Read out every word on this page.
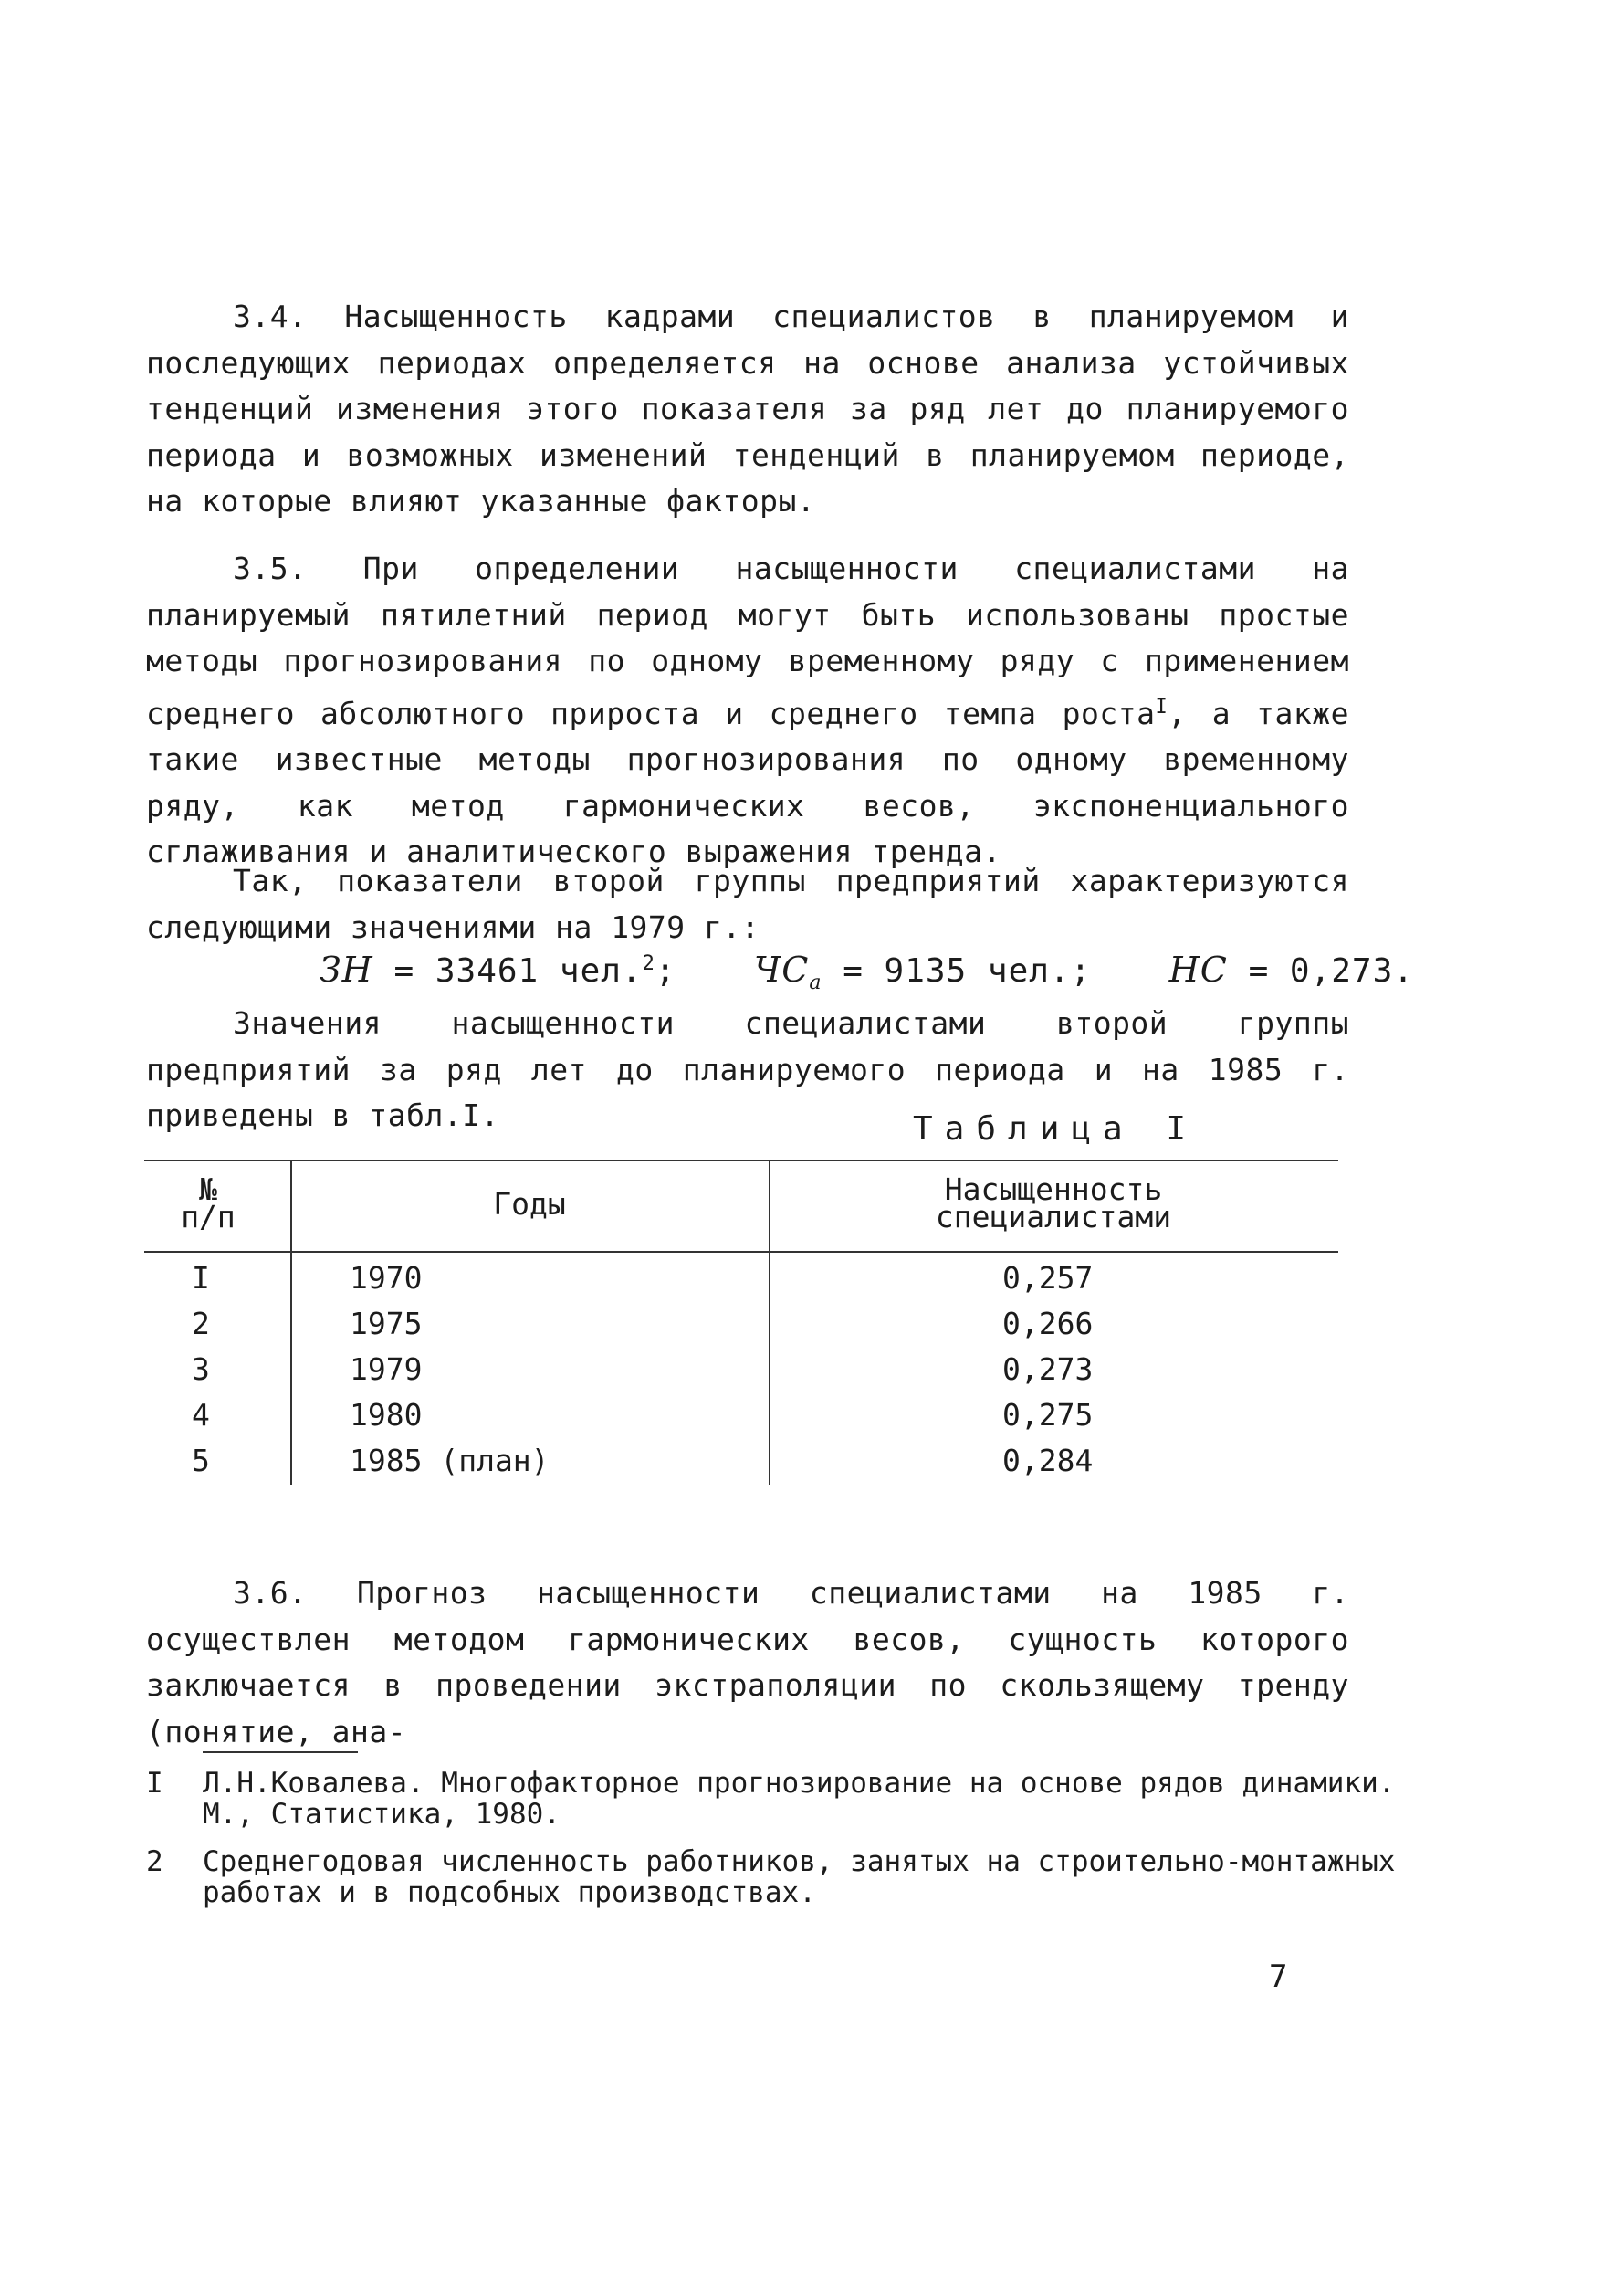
3.4. Насыщенность кадрами специалистов в планируемом и последующих периодах определяется на основе анализа устойчивых тенденций изменения этого показателя за ряд лет до планируемого периода и возможных изменений тенденций в планируемом периоде, на которые влияют указанные факторы.

3.5. При определении насыщенности специалистами на планируемый пятилетний период могут быть использованы простые методы прогнозирования по одному временному ряду с применением среднего абсолютного прироста и среднего темпа роста$^I$, а также такие известные методы прогнозирования по одному временному ряду, как метод гармонических весов, экспоненциального сглаживания и аналитического выражения тренда.

Так, показатели второй группы предприятий характеризуются следующими значениями на 1979 г.:

ЗН = 33461 чел.$^2$; $ЧС_a = 9135$ чел.; НС = 0,273.

Значения насыщенности специалистами второй группы предприятий за ряд лет до планируемого периода и на 1985 г. приведены в табл.I.	Таблица I
№
п/п	Годы	Насыщенность специалистами
I	1970	0,257
2	1975	0,266
3	1979	0,273
4	1980	0,275
5	1985 (план)	0,284

3.6. Прогноз насыщенности специалистами на 1985 г. осуществлен методом гармонических весов, сущность которого заключается в проведении экстраполяции по скользящему тренду (понятие, ана-

I Л.Н.Ковалева. Многофакторное прогнозирование на основе рядов динамики. М., Статистика, 1980.
2 Среднегодовая численность работников, занятых на строительно-монтажных работах и в подсобных производствах.
7
